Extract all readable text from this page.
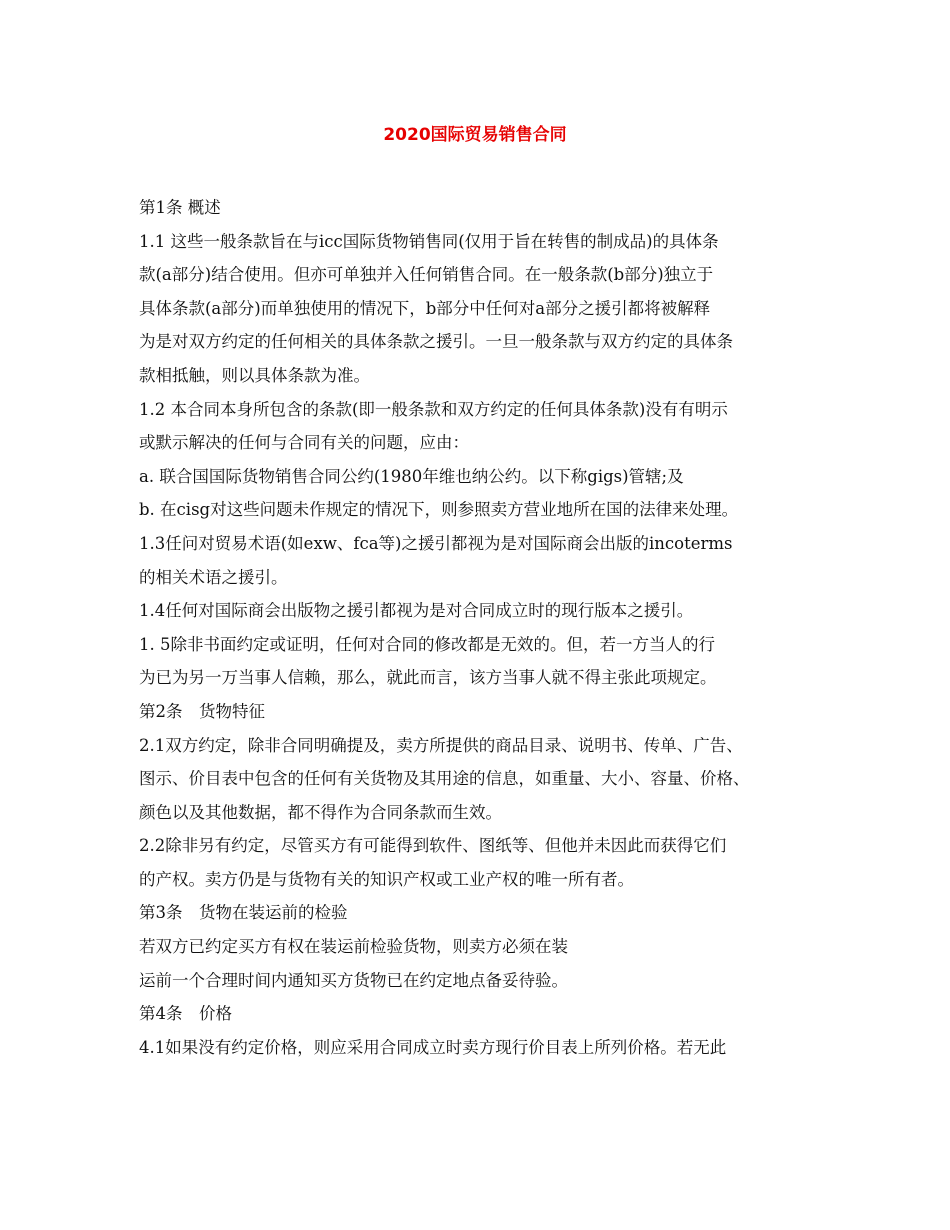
2020国际贸易销售合同
第1条 概述
1.1 这些一般条款旨在与icc国际货物销售同(仅用于旨在转售的制成品)的具体条
款(a部分)结合使用。但亦可单独并入任何销售合同。在一般条款(b部分)独立于
具体条款(a部分)而单独使用的情况下，b部分中任何对a部分之援引都将被解释
为是对双方约定的任何相关的具体条款之援引。一旦一般条款与双方约定的具体条
款相抵触，则以具体条款为准。
1.2 本合同本身所包含的条款(即一般条款和双方约定的任何具体条款)没有有明示
或默示解决的任何与合同有关的问题，应由：
a. 联合国国际货物销售合同公约(1980年维也纳公约。以下称gigs)管辖;及
b. 在cisg对这些问题未作规定的情况下，则参照卖方营业地所在国的法律来处理。
1.3任问对贸易术语(如exw、fca等)之援引都视为是对国际商会出版的incoterms
的相关术语之援引。
1.4任何对国际商会出版物之援引都视为是对合同成立时的现行版本之援引。
1. 5除非书面约定或证明，任何对合同的修改都是无效的。但，若一方当人的行
为已为另一万当事人信赖，那么，就此而言，该方当事人就不得主张此项规定。
第2条　货物特征
2.1双方约定，除非合同明确提及，卖方所提供的商品目录、说明书、传单、广告、
图示、价目表中包含的任何有关货物及其用途的信息，如重量、大小、容量、价格、
颜色以及其他数据，都不得作为合同条款而生效。
2.2除非另有约定，尽管买方有可能得到软件、图纸等、但他并未因此而获得它们
的产权。卖方仍是与货物有关的知识产权或工业产权的唯一所有者。
第3条　货物在装运前的检验
若双方已约定买方有权在装运前检验货物，则卖方必须在装
运前一个合理时间内通知买方货物已在约定地点备妥待验。
第4条　价格
4.1如果没有约定价格，则应采用合同成立时卖方现行价目表上所列价格。若无此
